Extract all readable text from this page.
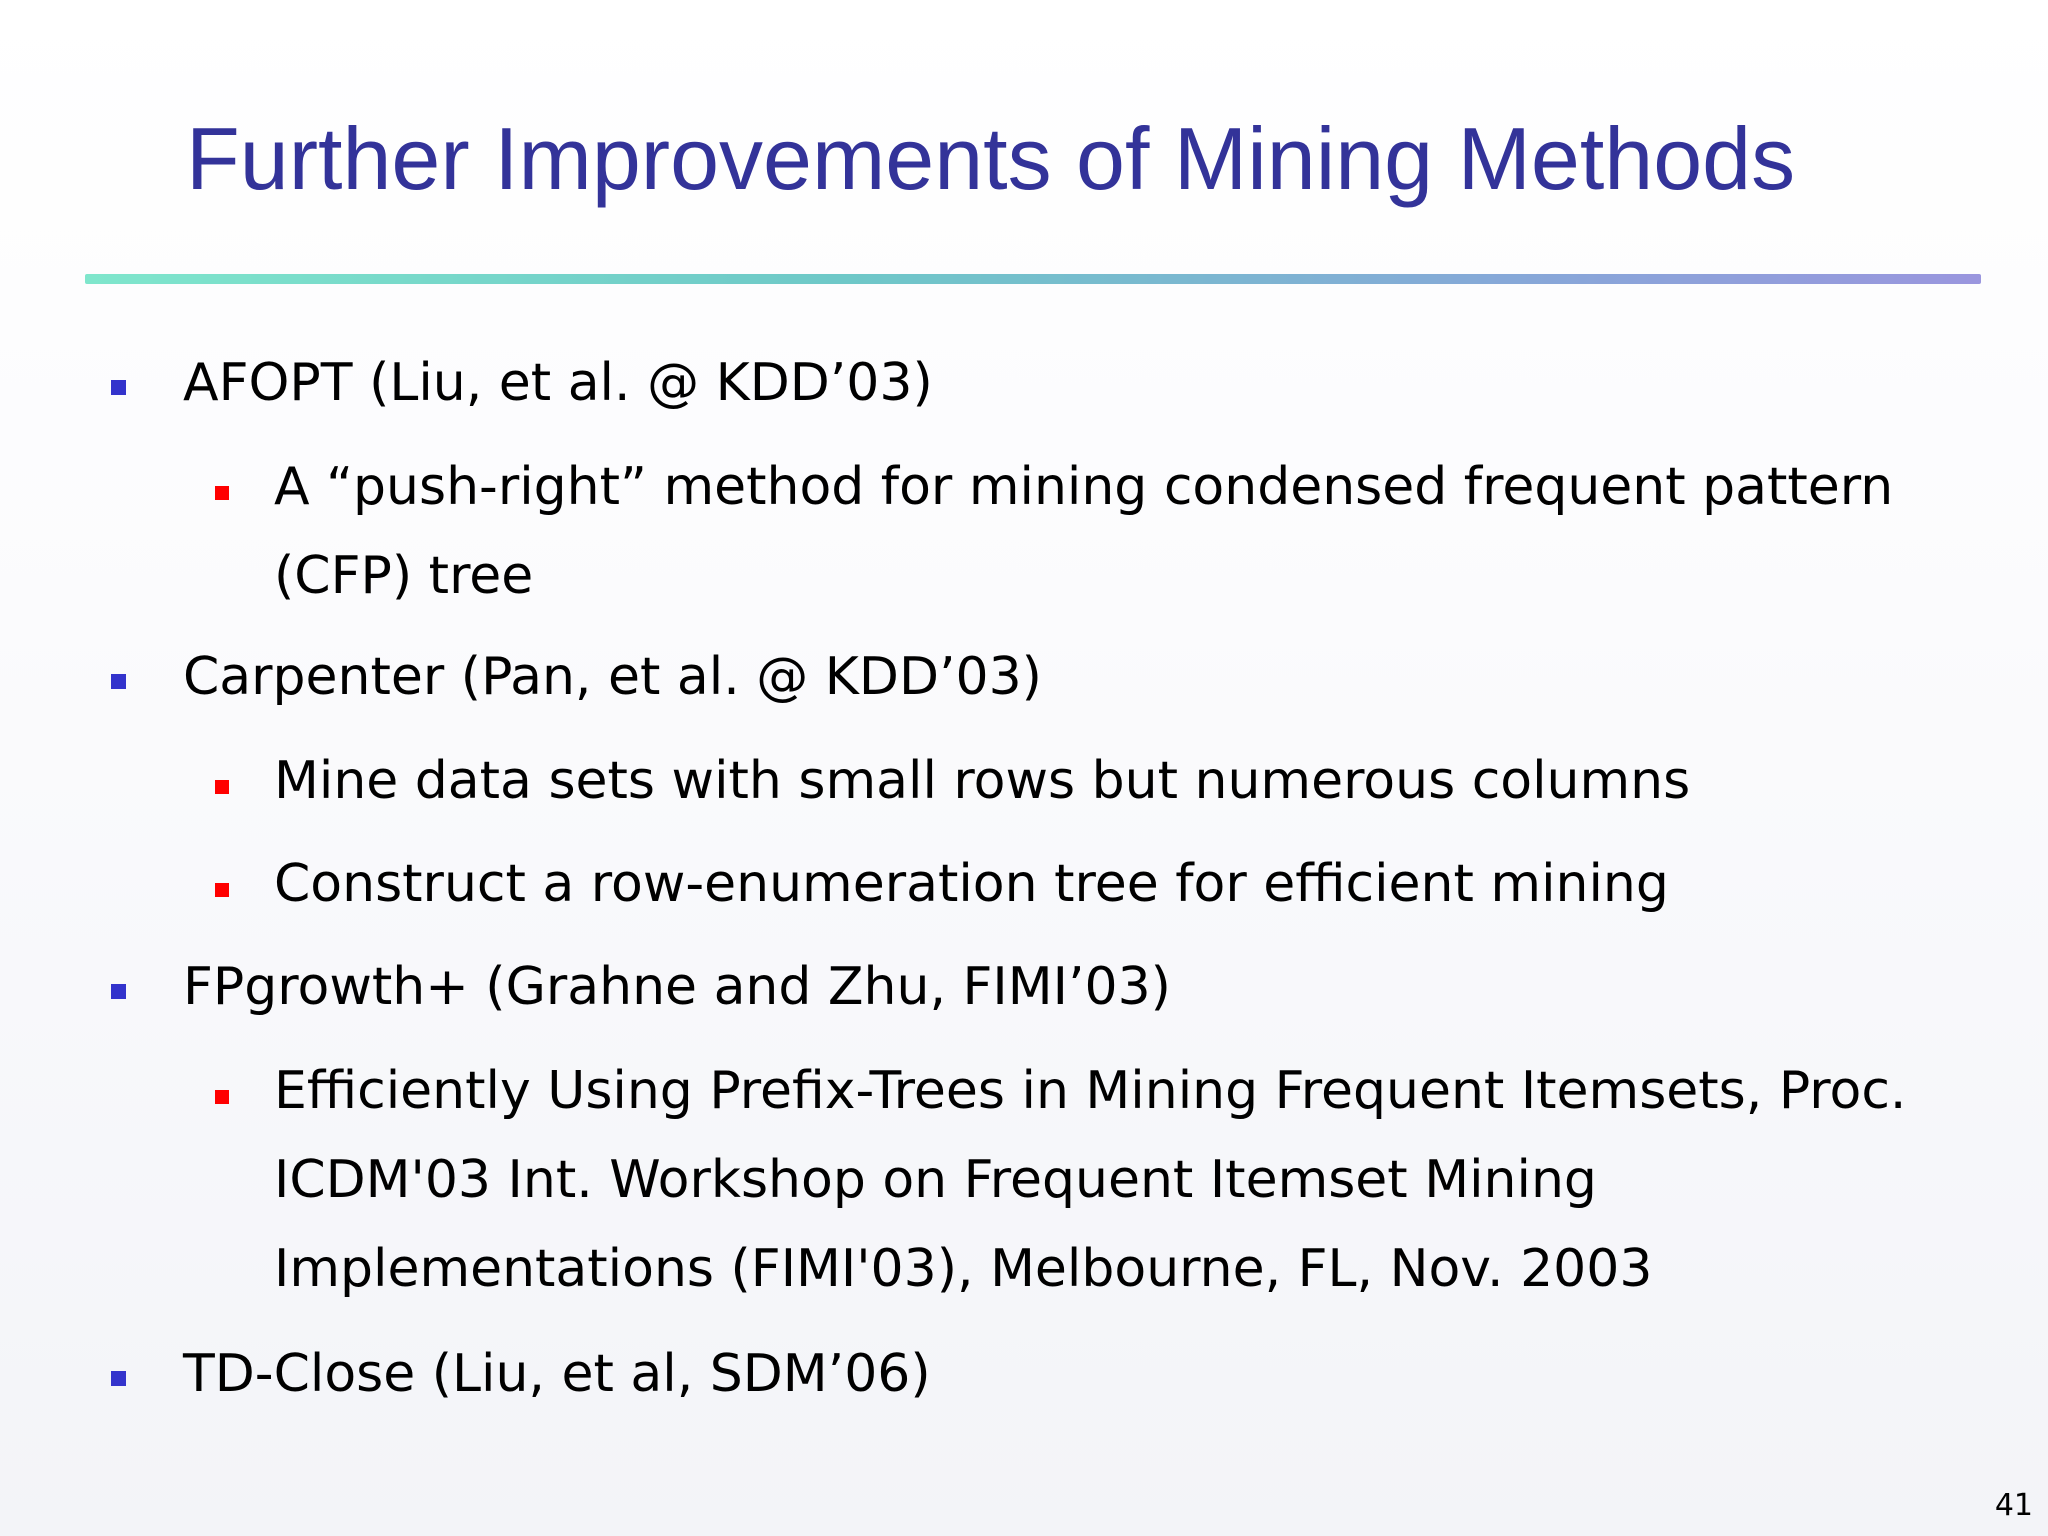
Further Improvements of Mining Methods
AFOPT (Liu, et al. @ KDD’03)
A “push-right” method for mining condensed frequent pattern (CFP) tree
Carpenter (Pan, et al. @ KDD’03)
Mine data sets with small rows but numerous columns
Construct a row-enumeration tree for efficient mining
FPgrowth+ (Grahne and Zhu, FIMI’03)
Efficiently Using Prefix-Trees in Mining Frequent Itemsets, Proc. ICDM'03 Int. Workshop on Frequent Itemset Mining Implementations (FIMI'03), Melbourne, FL, Nov. 2003
TD-Close (Liu, et al, SDM’06)
41
